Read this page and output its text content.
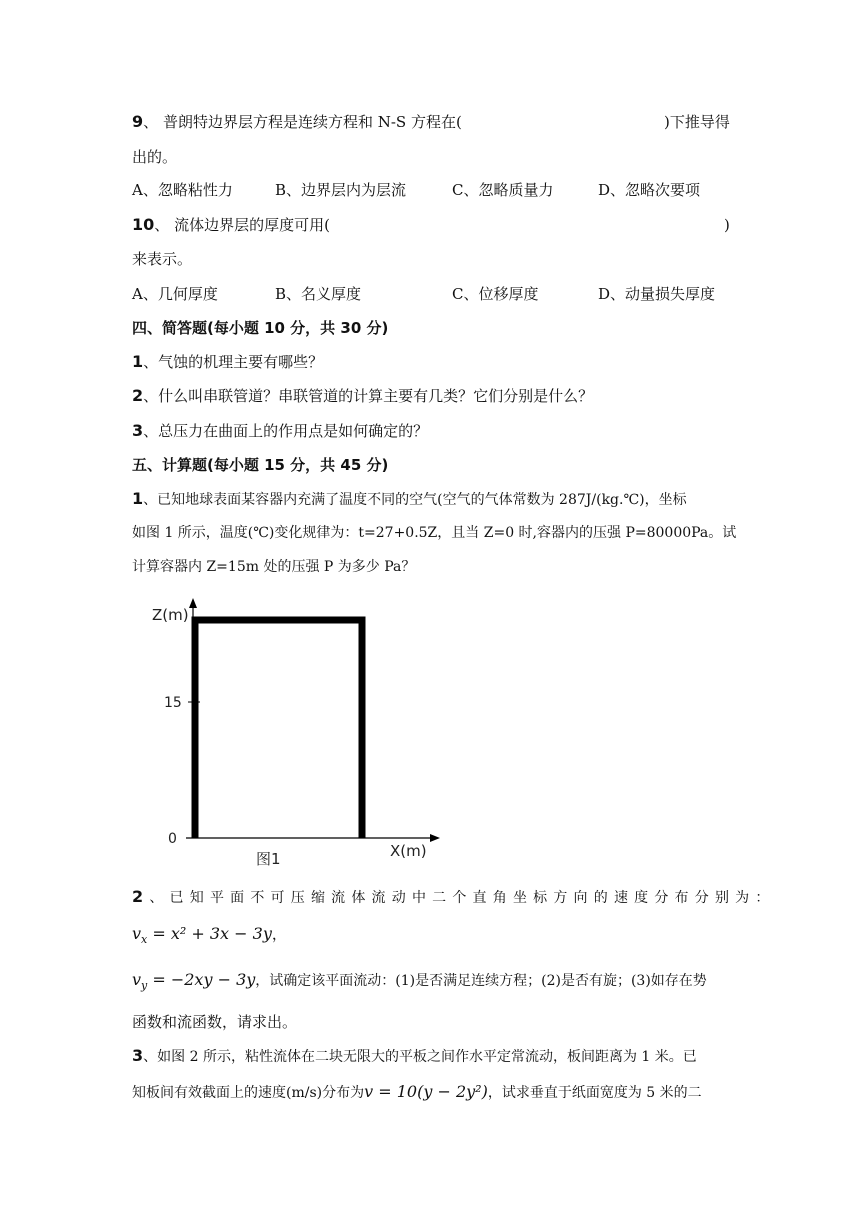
9、 普朗特边界层方程是连续方程和 N-S 方程在(	)下推导得
出的。
A、忽略粘性力	B、边界层内为层流	C、忽略质量力	D、忽略次要项
10、 流体边界层的厚度可用(	)
来表示。
A、几何厚度	B、名义厚度	C、位移厚度	D、动量损失厚度
四、简答题(每小题 10 分，共 30 分)
1、气蚀的机理主要有哪些？
2、什么叫串联管道？串联管道的计算主要有几类？它们分别是什么？
3、总压力在曲面上的作用点是如何确定的？
五、计算题(每小题 15 分，共 45 分)
1、已知地球表面某容器内充满了温度不同的空气(空气的气体常数为 287J/(kg.℃)，坐标
如图 1 所示，温度(℃)变化规律为：t=27+0.5Z，且当 Z=0 时,容器内的压强 P=80000Pa。试
计算容器内 Z=15m 处的压强 P 为多少 Pa？
Z(m)
15
0
X(m)
图1
2、已知平面不可压缩流体流动中二个直角坐标方向的速度分布分别为：
$v_x = x^2 + 3x - 3y$，
$v_y = -2xy - 3y$，试确定该平面流动：(1)是否满足连续方程；(2)是否有旋；(3)如存在势
函数和流函数，请求出。
3、如图 2 所示，粘性流体在二块无限大的平板之间作水平定常流动，板间距离为 1 米。已
知板间有效截面上的速度(m/s)分布为v = 10(y − 2y²)，试求垂直于纸面宽度为 5 米的二
